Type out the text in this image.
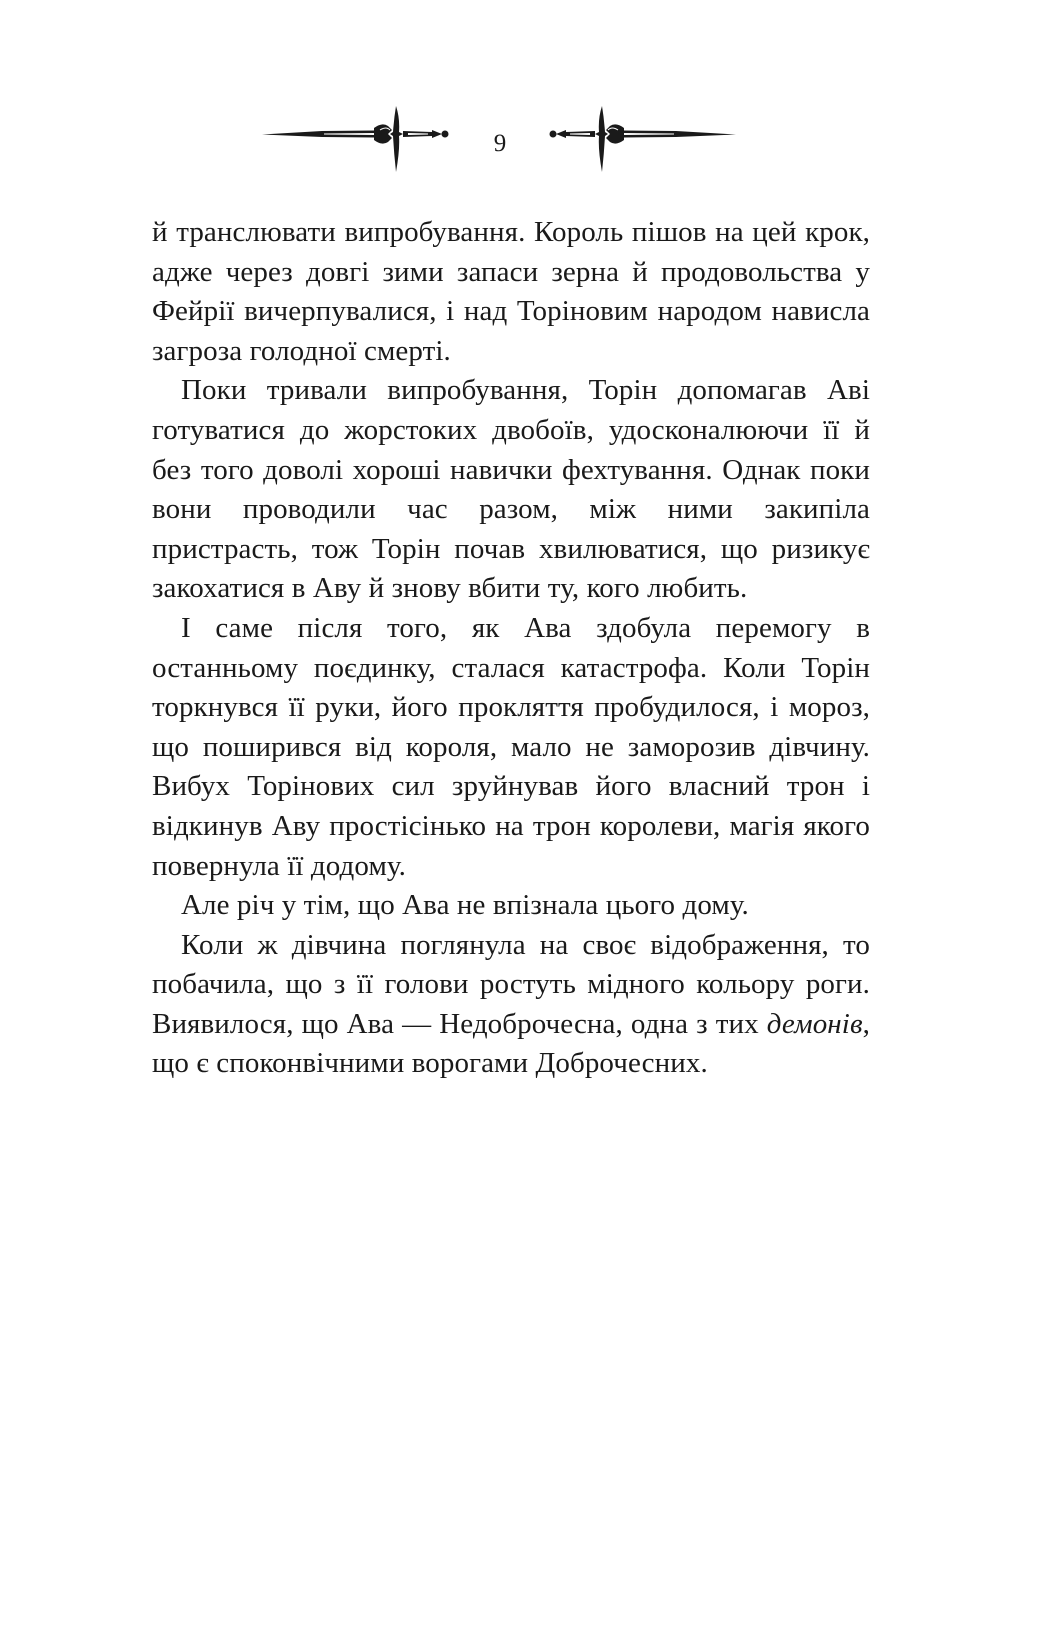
9

й транслювати випробування. Король пішов на цей крок, адже через довгі зими запаси зерна й продовольства у Фейрії вичерпувалися, і над Торіновим народом нависла загроза голодної смерті.

Поки тривали випробування, Торін допомагав Аві готуватися до жорстоких двобоїв, удосконалюючи її й без того доволі хороші навички фехтування. Однак поки вони проводили час разом, між ними закипіла пристрасть, тож Торін почав хвилюватися, що ризикує закохатися в Аву й знову вбити ту, кого любить.

І саме після того, як Ава здобула перемогу в останньому поєдинку, сталася катастрофа. Коли Торін торкнувся її руки, його прокляття пробудилося, і мороз, що поширився від короля, мало не заморозив дівчину. Вибух Торінових сил зруйнував його власний трон і відкинув Аву простісінько на трон королеви, магія якого повернула її додому.

Але річ у тім, що Ава не впізнала цього дому.

Коли ж дівчина поглянула на своє відображення, то побачила, що з її голови ростуть мідного кольору роги. Виявилося, що Ава — Недоброчесна, одна з тих демонів, що є споконвічними ворогами Доброчесних.
